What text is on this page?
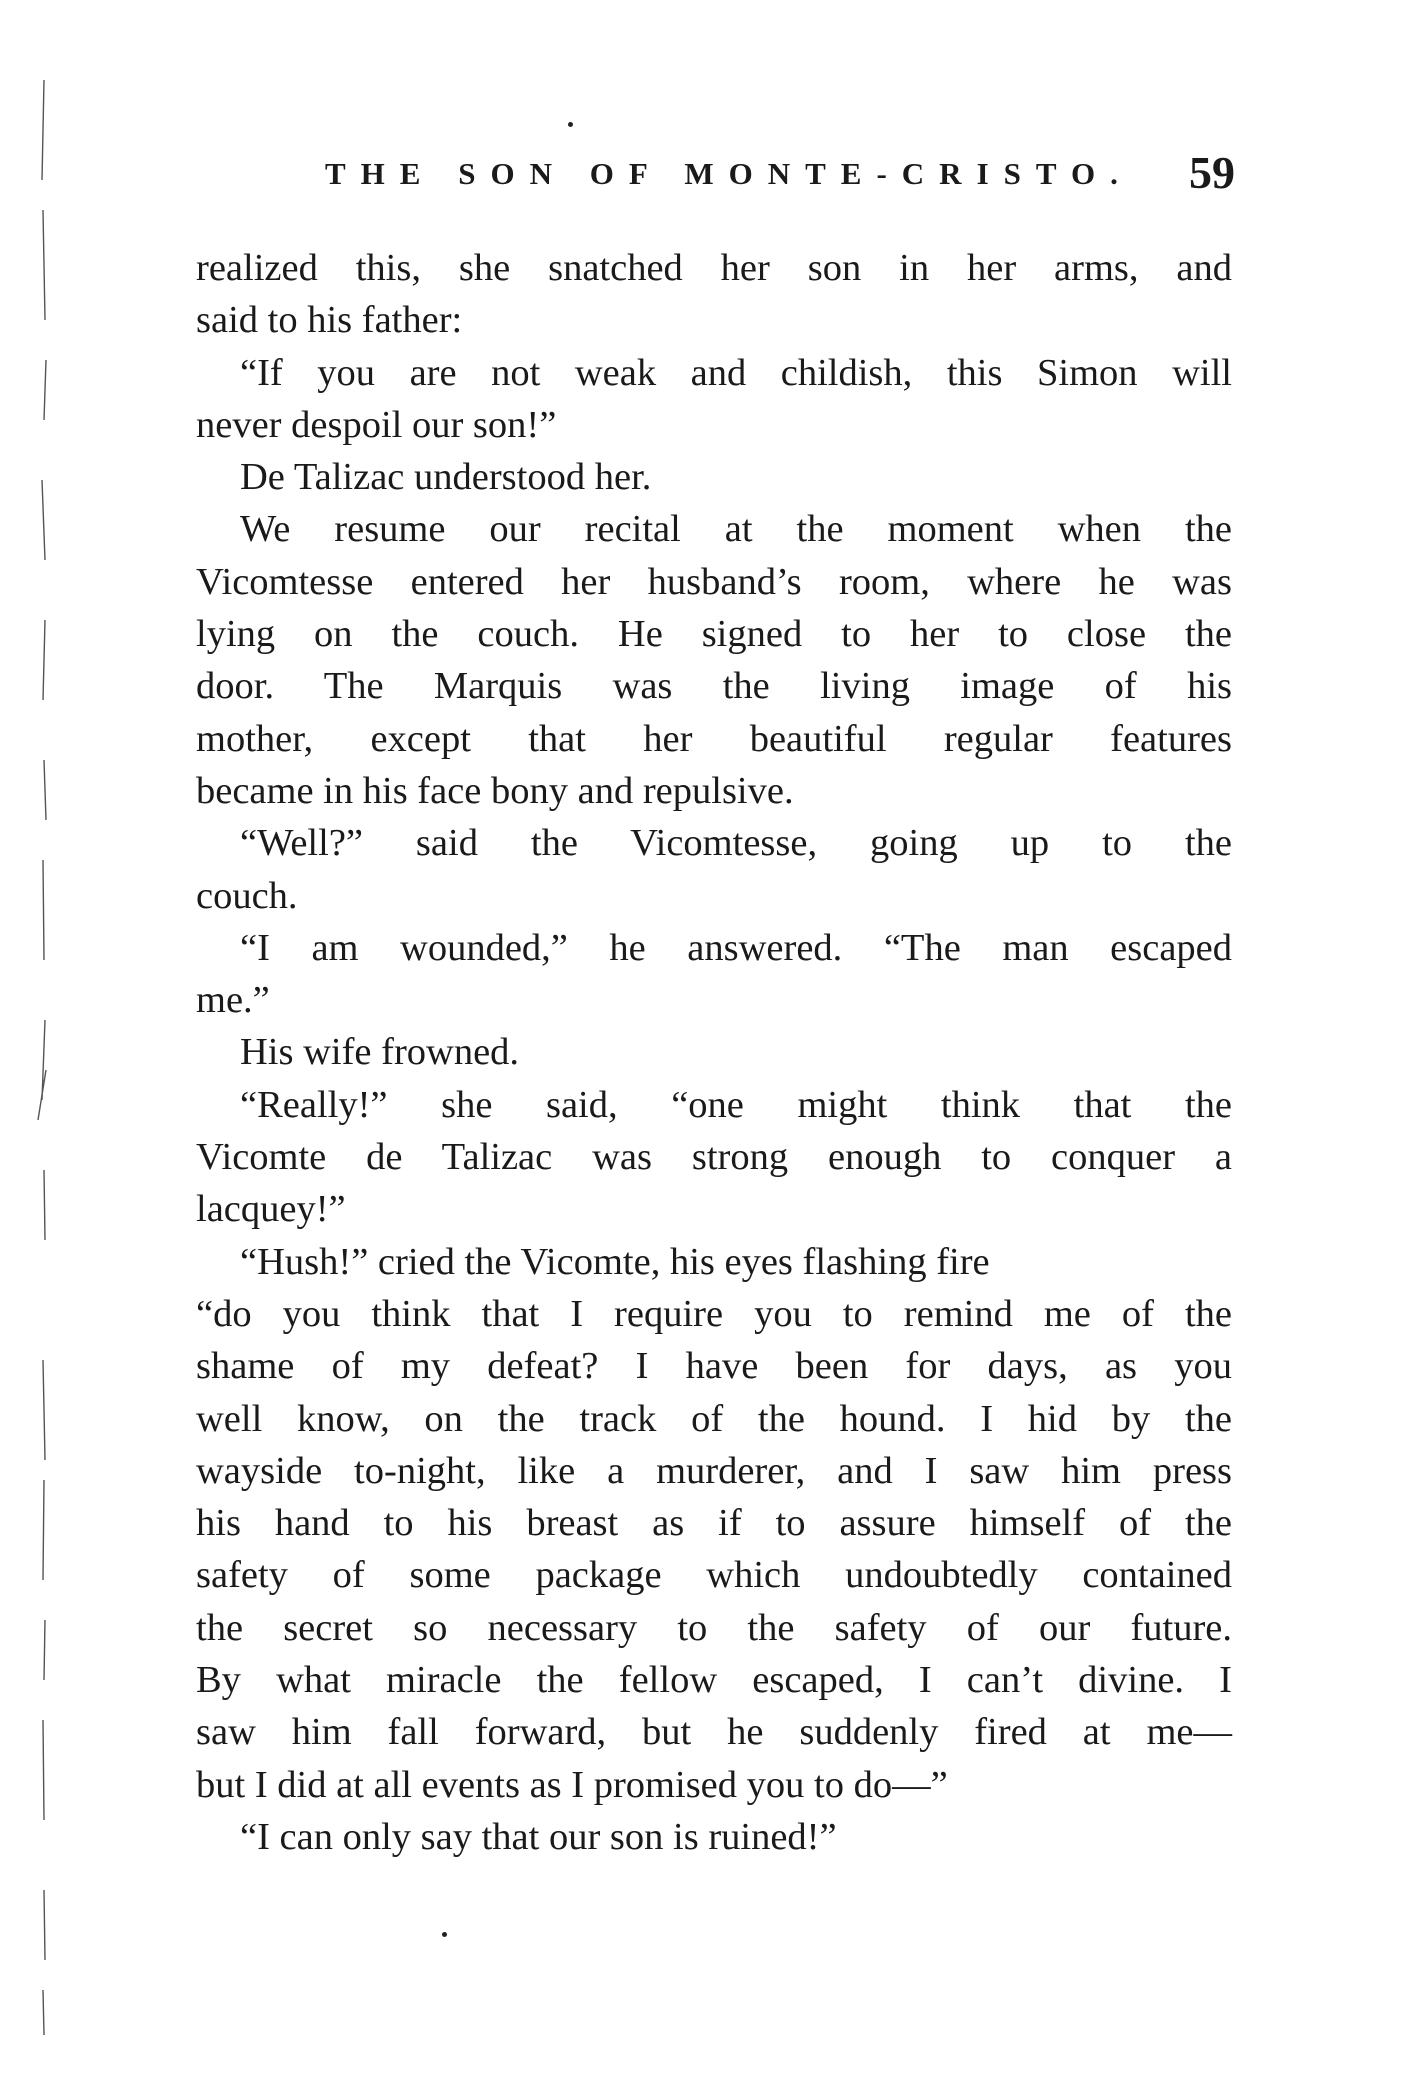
THE SON OF MONTE-CRISTO. 59
realized this, she snatched her son in her arms, and
said to his father:
“If you are not weak and childish, this Simon will
never despoil our son!”
De Talizac understood her.
We resume our recital at the moment when the
Vicomtesse entered her husband’s room, where he was
lying on the couch. He signed to her to close the
door. The Marquis was the living image of his
mother, except that her beautiful regular features
became in his face bony and repulsive.
“Well?” said the Vicomtesse, going up to the
couch.
“I am wounded,” he answered. “The man escaped
me.”
His wife frowned.
“Really!” she said, “one might think that the
Vicomte de Talizac was strong enough to conquer a
lacquey!”
“Hush!” cried the Vicomte, his eyes flashing fire
“do you think that I require you to remind me of the
shame of my defeat? I have been for days, as you
well know, on the track of the hound. I hid by the
wayside to-night, like a murderer, and I saw him press
his hand to his breast as if to assure himself of the
safety of some package which undoubtedly contained
the secret so necessary to the safety of our future.
By what miracle the fellow escaped, I can’t divine. I
saw him fall forward, but he suddenly fired at me—
but I did at all events as I promised you to do—”
“I can only say that our son is ruined!”
